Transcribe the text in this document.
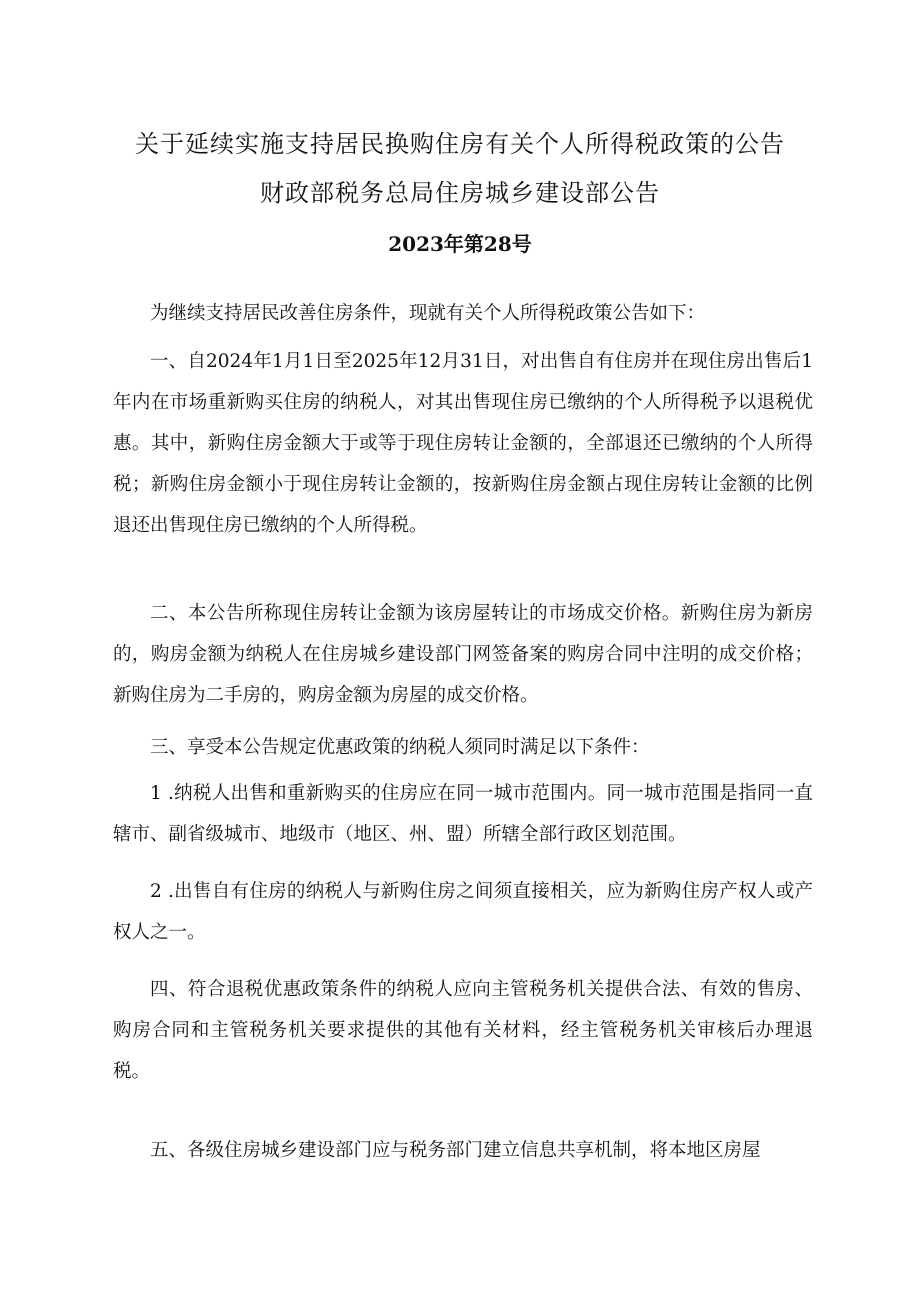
关于延续实施支持居民换购住房有关个人所得税政策的公告
财政部税务总局住房城乡建设部公告
2023年第28号

为继续支持居民改善住房条件，现就有关个人所得税政策公告如下：

一、自2024年1月1日至2025年12月31日，对出售自有住房并在现住房出售后1年内在市场重新购买住房的纳税人，对其出售现住房已缴纳的个人所得税予以退税优惠。其中，新购住房金额大于或等于现住房转让金额的，全部退还已缴纳的个人所得税；新购住房金额小于现住房转让金额的，按新购住房金额占现住房转让金额的比例退还出售现住房已缴纳的个人所得税。

二、本公告所称现住房转让金额为该房屋转让的市场成交价格。新购住房为新房的，购房金额为纳税人在住房城乡建设部门网签备案的购房合同中注明的成交价格；新购住房为二手房的，购房金额为房屋的成交价格。

三、享受本公告规定优惠政策的纳税人须同时满足以下条件：

1 .纳税人出售和重新购买的住房应在同一城市范围内。同一城市范围是指同一直辖市、副省级城市、地级市（地区、州、盟）所辖全部行政区划范围。

2 .出售自有住房的纳税人与新购住房之间须直接相关，应为新购住房产权人或产权人之一。

四、符合退税优惠政策条件的纳税人应向主管税务机关提供合法、有效的售房、购房合同和主管税务机关要求提供的其他有关材料，经主管税务机关审核后办理退税。

五、各级住房城乡建设部门应与税务部门建立信息共享机制，将本地区房屋
